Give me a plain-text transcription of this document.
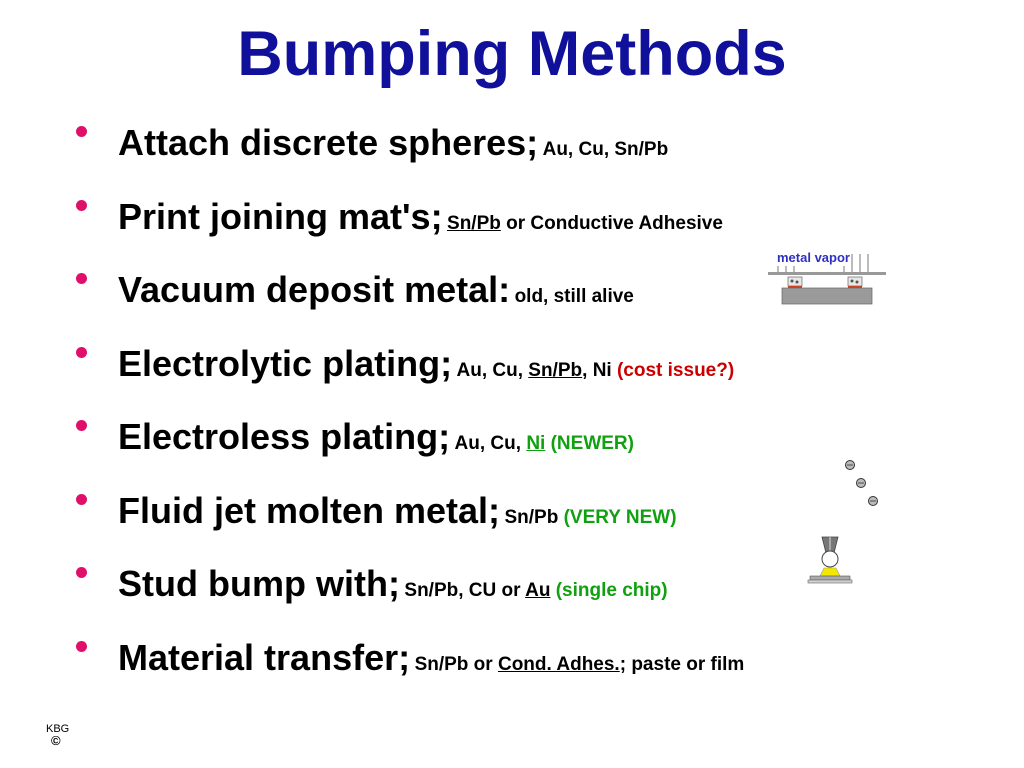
Bumping Methods
Attach discrete spheres; Au, Cu, Sn/Pb
Print joining mat's; Sn/Pb or Conductive Adhesive
Vacuum deposit metal: old, still alive
Electrolytic plating; Au, Cu, Sn/Pb, Ni (cost issue?)
Electroless plating; Au, Cu, Ni (NEWER)
Fluid jet molten metal; Sn/Pb (VERY NEW)
Stud bump with; Sn/Pb, CU or Au (single chip)
Material transfer; Sn/Pb or Cond. Adhes.; paste or film
metal vapor
KBG
©
